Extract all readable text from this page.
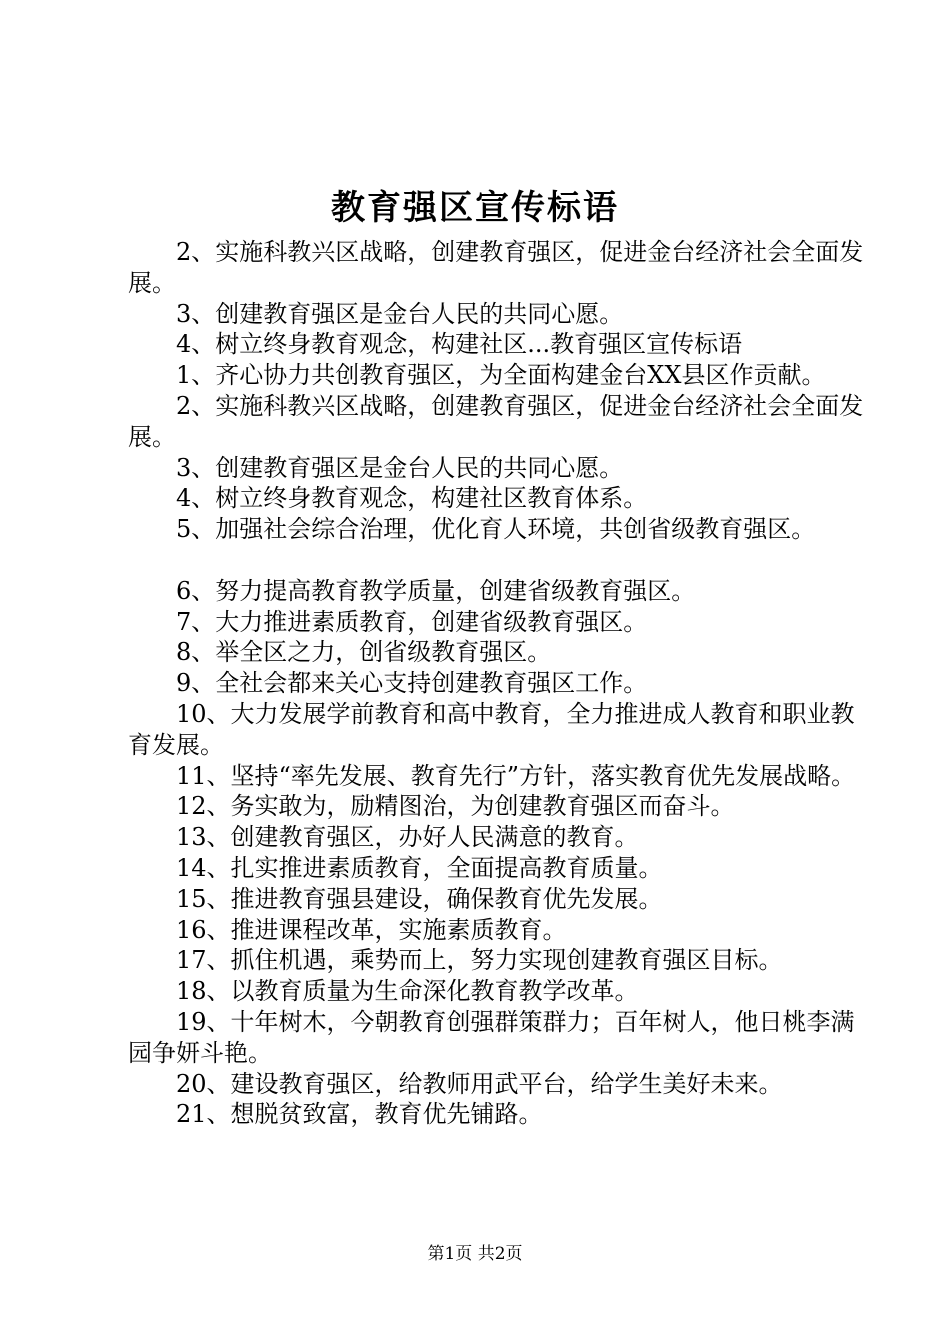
教育强区宣传标语
2、实施科教兴区战略，创建教育强区，促进金台经济社会全面发展。
3、创建教育强区是金台人民的共同心愿。
4、树立终身教育观念，构建社区...教育强区宣传标语
1、齐心协力共创教育强区，为全面构建金台XX县区作贡献。
2、实施科教兴区战略，创建教育强区，促进金台经济社会全面发展。
3、创建教育强区是金台人民的共同心愿。
4、树立终身教育观念，构建社区教育体系。
5、加强社会综合治理，优化育人环境，共创省级教育强区。
6、努力提高教育教学质量，创建省级教育强区。
7、大力推进素质教育，创建省级教育强区。
8、举全区之力，创省级教育强区。
9、全社会都来关心支持创建教育强区工作。
10、大力发展学前教育和高中教育，全力推进成人教育和职业教育发展。
11、坚持“率先发展、教育先行”方针，落实教育优先发展战略。
12、务实敢为，励精图治，为创建教育强区而奋斗。
13、创建教育强区，办好人民满意的教育。
14、扎实推进素质教育，全面提高教育质量。
15、推进教育强县建设，确保教育优先发展。
16、推进课程改革，实施素质教育。
17、抓住机遇，乘势而上，努力实现创建教育强区目标。
18、以教育质量为生命深化教育教学改革。
19、十年树木，今朝教育创强群策群力；百年树人，他日桃李满园争妍斗艳。
20、建设教育强区，给教师用武平台，给学生美好未来。
21、想脱贫致富，教育优先铺路。
第1页 共2页
